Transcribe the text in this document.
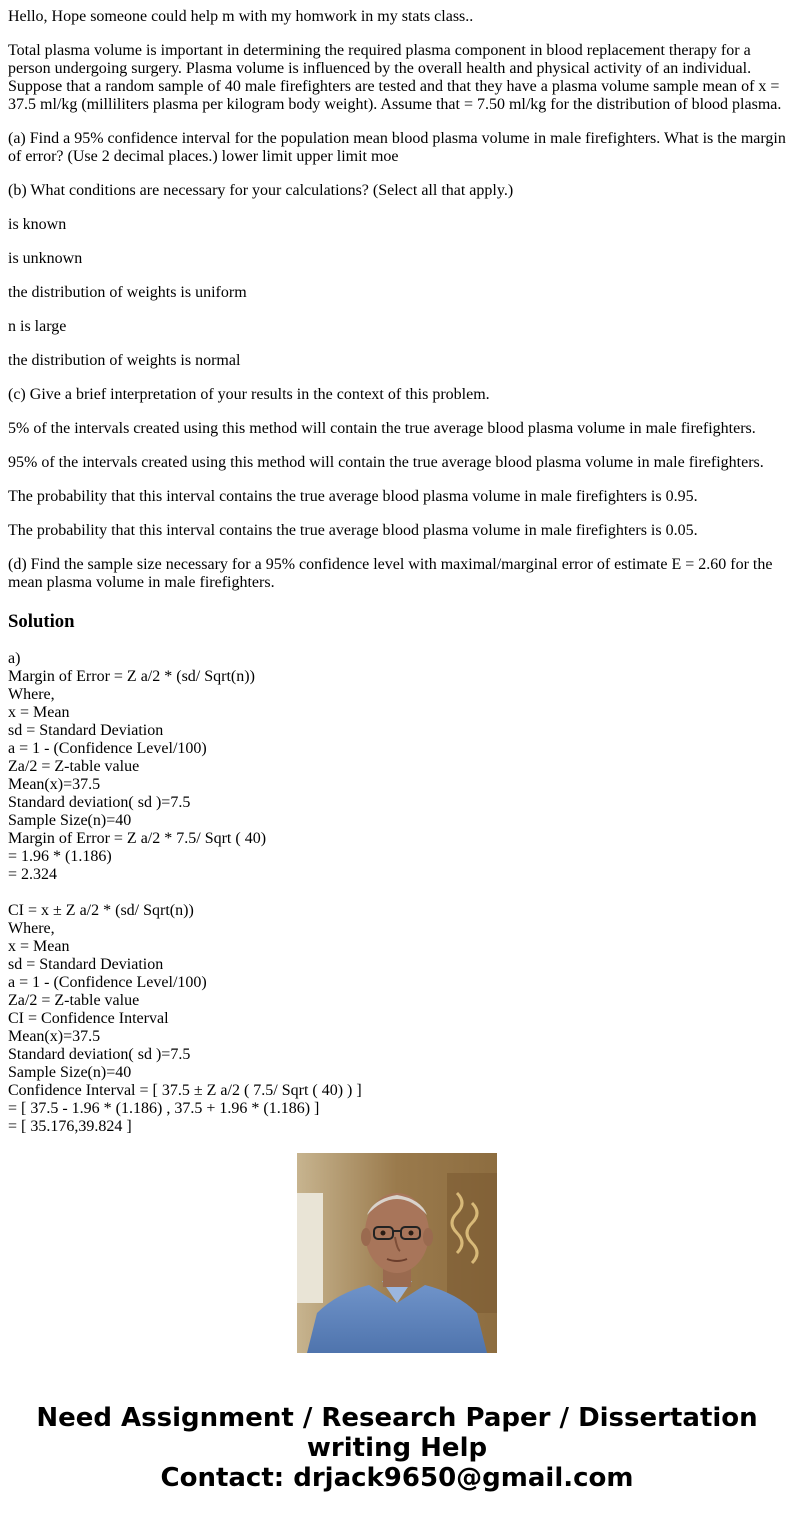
Hello, Hope someone could help m with my homwork in my stats class..

Total plasma volume is important in determining the required plasma component in blood replacement therapy for a person undergoing surgery. Plasma volume is influenced by the overall health and physical activity of an individual. Suppose that a random sample of 40 male firefighters are tested and that they have a plasma volume sample mean of x = 37.5 ml/kg (milliliters plasma per kilogram body weight). Assume that = 7.50 ml/kg for the distribution of blood plasma.

(a) Find a 95% confidence interval for the population mean blood plasma volume in male firefighters. What is the margin of error? (Use 2 decimal places.) lower limit upper limit moe

(b) What conditions are necessary for your calculations? (Select all that apply.)

is known

is unknown

the distribution of weights is uniform

n is large

the distribution of weights is normal

(c) Give a brief interpretation of your results in the context of this problem.

5% of the intervals created using this method will contain the true average blood plasma volume in male firefighters.

95% of the intervals created using this method will contain the true average blood plasma volume in male firefighters.

The probability that this interval contains the true average blood plasma volume in male firefighters is 0.95.

The probability that this interval contains the true average blood plasma volume in male firefighters is 0.05.

(d) Find the sample size necessary for a 95% confidence level with maximal/marginal error of estimate E = 2.60 for the mean plasma volume in male firefighters.

Solution
a)
Margin of Error = Z a/2 * (sd/ Sqrt(n))
Where,
x = Mean
sd = Standard Deviation
a = 1 - (Confidence Level/100)
Za/2 = Z-table value
Mean(x)=37.5
Standard deviation( sd )=7.5
Sample Size(n)=40
Margin of Error = Z a/2 * 7.5/ Sqrt ( 40)
= 1.96 * (1.186)
= 2.324
CI = x ± Z a/2 * (sd/ Sqrt(n))
Where,
x = Mean
sd = Standard Deviation
a = 1 - (Confidence Level/100)
Za/2 = Z-table value
CI = Confidence Interval
Mean(x)=37.5
Standard deviation( sd )=7.5
Sample Size(n)=40
Confidence Interval = [ 37.5 ± Z a/2 ( 7.5/ Sqrt ( 40) ) ]
= [ 37.5 - 1.96 * (1.186) , 37.5 + 1.96 * (1.186) ]
= [ 35.176,39.824 ]
Need Assignment / Research Paper / Dissertation
writing Help
Contact: drjack9650@gmail.com
